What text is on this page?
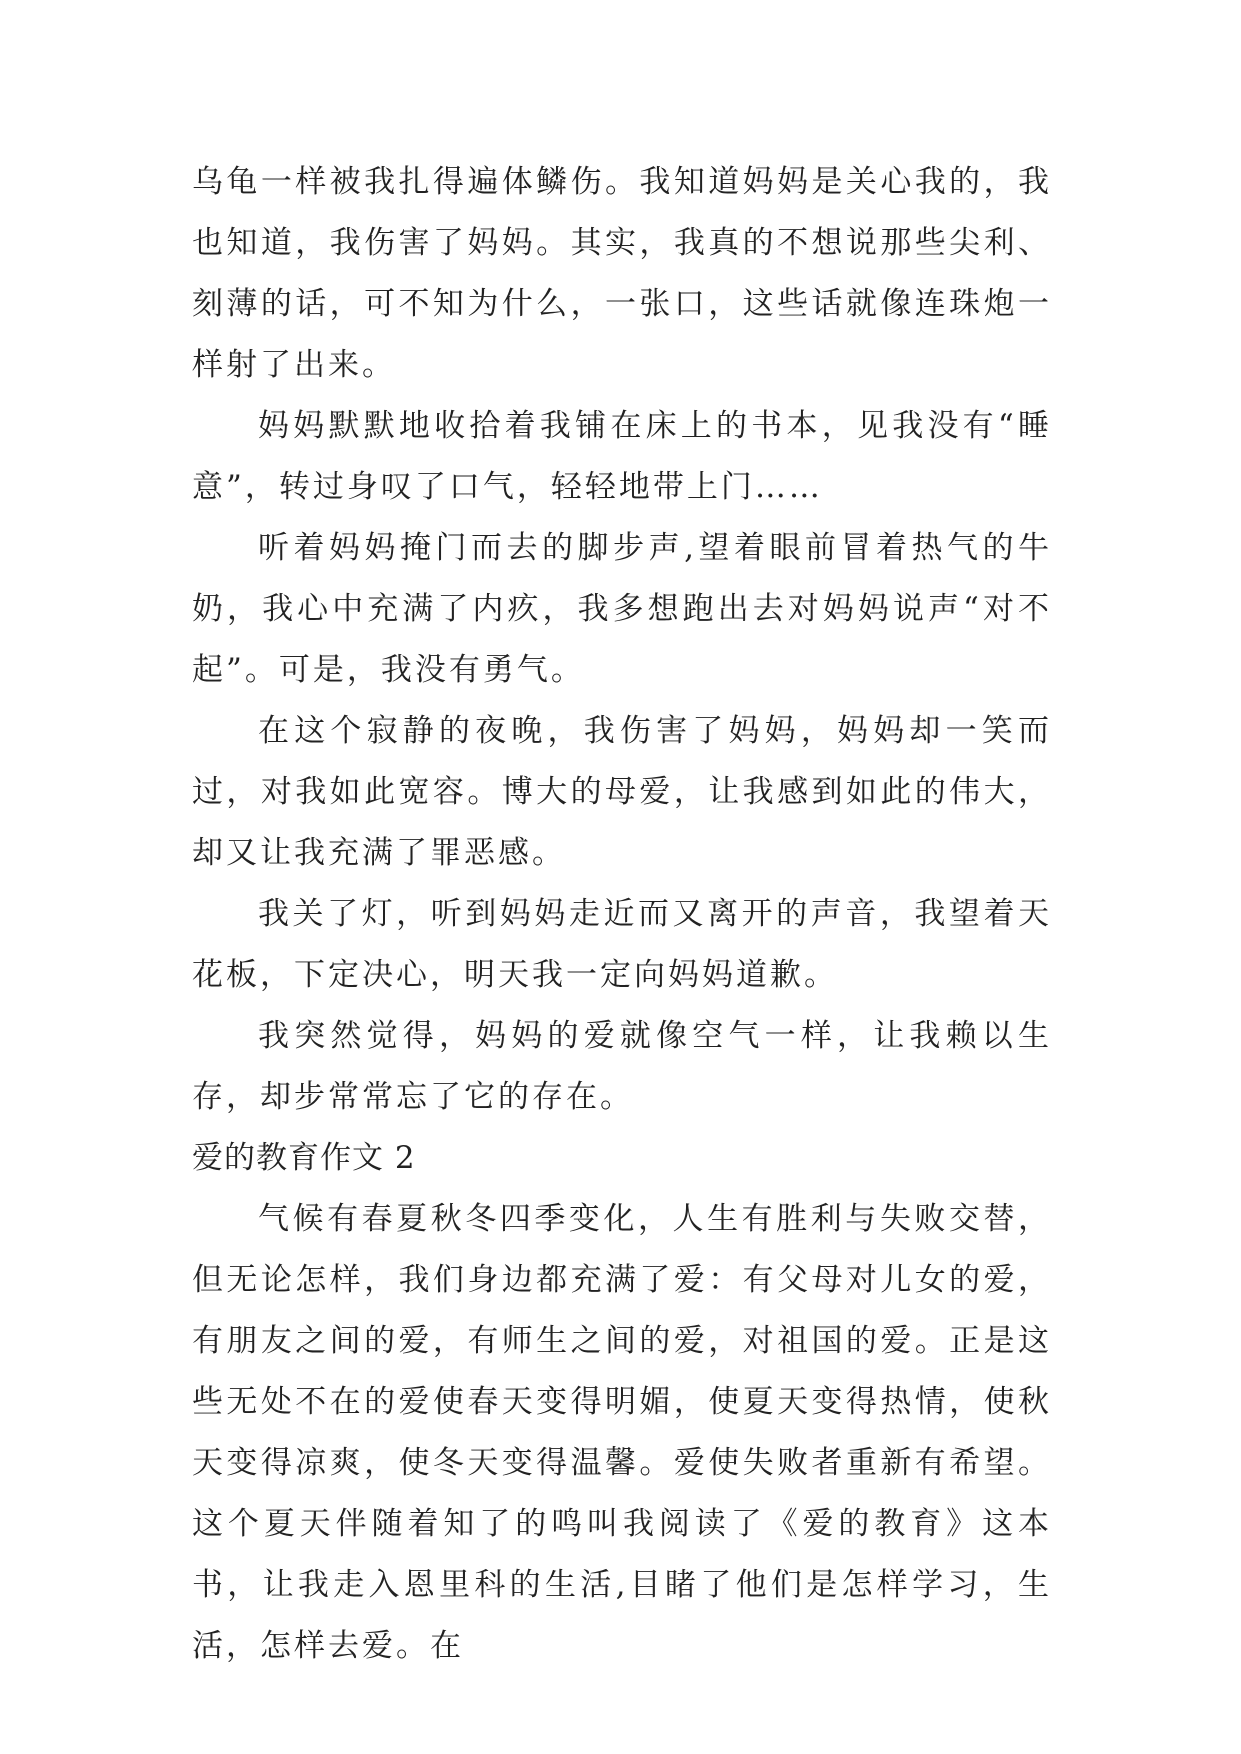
乌龟一样被我扎得遍体鳞伤。我知道妈妈是关心我的，我也知道，我伤害了妈妈。其实，我真的不想说那些尖利、刻薄的话，可不知为什么，一张口，这些话就像连珠炮一样射了出来。

妈妈默默地收拾着我铺在床上的书本，见我没有“睡意”，转过身叹了口气，轻轻地带上门……

听着妈妈掩门而去的脚步声,望着眼前冒着热气的牛奶，我心中充满了内疚，我多想跑出去对妈妈说声“对不起”。可是，我没有勇气。

在这个寂静的夜晚，我伤害了妈妈，妈妈却一笑而过，对我如此宽容。博大的母爱，让我感到如此的伟大，却又让我充满了罪恶感。

我关了灯，听到妈妈走近而又离开的声音，我望着天花板，下定决心，明天我一定向妈妈道歉。

我突然觉得，妈妈的爱就像空气一样，让我赖以生存，却步常常忘了它的存在。

爱的教育作文 2

气候有春夏秋冬四季变化，人生有胜利与失败交替，但无论怎样，我们身边都充满了爱：有父母对儿女的爱，有朋友之间的爱，有师生之间的爱，对祖国的爱。正是这些无处不在的爱使春天变得明媚，使夏天变得热情，使秋天变得凉爽，使冬天变得温馨。爱使失败者重新有希望。这个夏天伴随着知了的鸣叫我阅读了《爱的教育》这本书，让我走入恩里科的生活,目睹了他们是怎样学习，生活，怎样去爱。在
